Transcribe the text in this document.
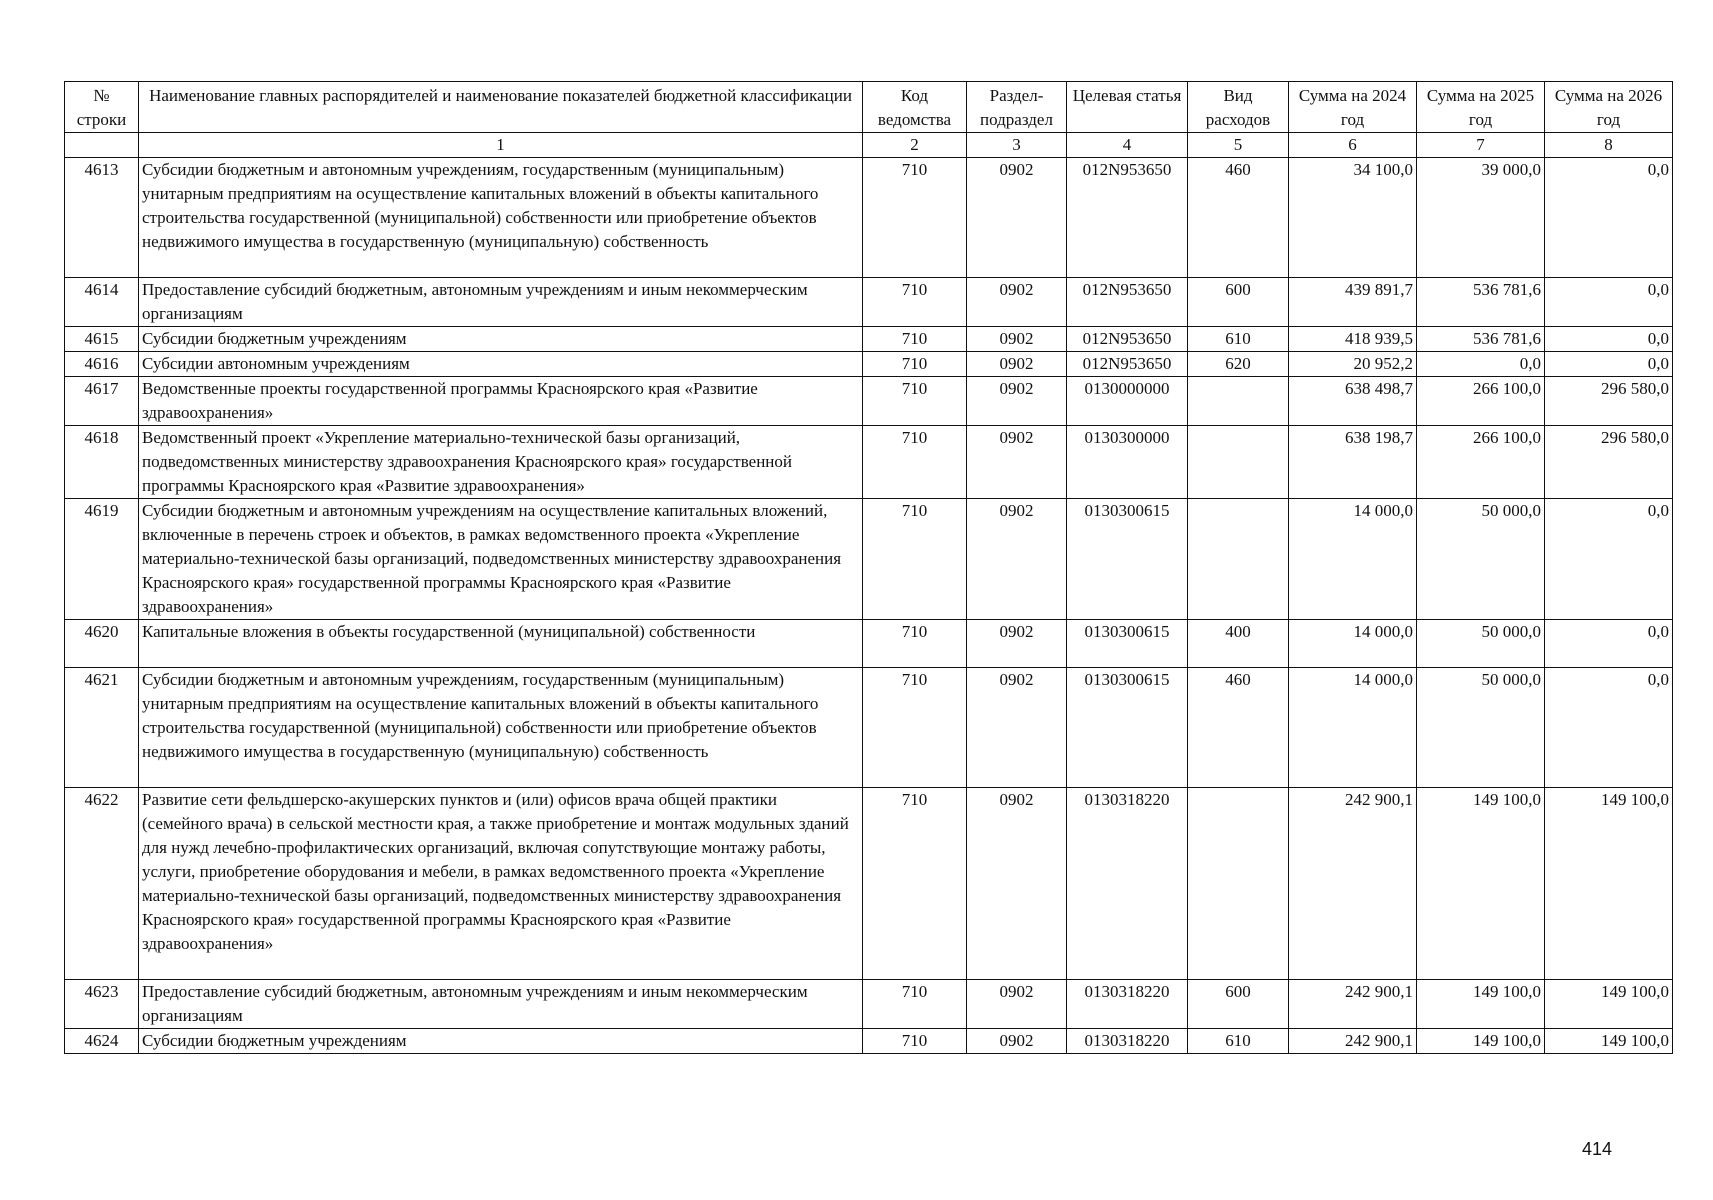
№ строки	Наименование главных распорядителей и наименование показателей бюджетной классификации	Код ведомства	Раздел-подраздел	Целевая статья	Вид расходов	Сумма на 2024 год	Сумма на 2025 год	Сумма на 2026 год
	1	2	3	4	5	6	7	8
4613	Субсидии бюджетным и автономным учреждениям, государственным (муниципальным) унитарным предприятиям на осуществление капитальных вложений в объекты капитального строительства государственной (муниципальной) собственности или приобретение объектов недвижимого имущества в государственную (муниципальную) собственность	710	0902	012N953650	460	34 100,0	39 000,0	0,0
4614	Предоставление субсидий бюджетным, автономным учреждениям и иным некоммерческим организациям	710	0902	012N953650	600	439 891,7	536 781,6	0,0
4615	Субсидии бюджетным учреждениям	710	0902	012N953650	610	418 939,5	536 781,6	0,0
4616	Субсидии автономным учреждениям	710	0902	012N953650	620	20 952,2	0,0	0,0
4617	Ведомственные проекты государственной программы Красноярского края «Развитие здравоохранения»	710	0902	0130000000		638 498,7	266 100,0	296 580,0
4618	Ведомственный проект «Укрепление материально-технической базы организаций, подведомственных министерству здравоохранения Красноярского края» государственной программы Красноярского края «Развитие здравоохранения»	710	0902	0130300000		638 198,7	266 100,0	296 580,0
4619	Субсидии бюджетным и автономным учреждениям на осуществление капитальных вложений, включенные в перечень строек и объектов, в рамках ведомственного проекта «Укрепление материально-технической базы организаций, подведомственных министерству здравоохранения Красноярского края» государственной программы Красноярского края «Развитие здравоохранения»	710	0902	0130300615		14 000,0	50 000,0	0,0
4620	Капитальные вложения в объекты государственной (муниципальной) собственности	710	0902	0130300615	400	14 000,0	50 000,0	0,0
4621	Субсидии бюджетным и автономным учреждениям, государственным (муниципальным) унитарным предприятиям на осуществление капитальных вложений в объекты капитального строительства государственной (муниципальной) собственности или приобретение объектов недвижимого имущества в государственную (муниципальную) собственность	710	0902	0130300615	460	14 000,0	50 000,0	0,0
4622	Развитие сети фельдшерско-акушерских пунктов и (или) офисов врача общей практики (семейного врача) в сельской местности края, а также приобретение и монтаж модульных зданий для нужд лечебно-профилактических организаций, включая сопутствующие монтажу работы, услуги, приобретение оборудования и мебели, в рамках ведомственного проекта «Укрепление материально-технической базы организаций, подведомственных министерству здравоохранения Красноярского края» государственной программы Красноярского края «Развитие здравоохранения»	710	0902	0130318220		242 900,1	149 100,0	149 100,0
4623	Предоставление субсидий бюджетным, автономным учреждениям и иным некоммерческим организациям	710	0902	0130318220	600	242 900,1	149 100,0	149 100,0
4624	Субсидии бюджетным учреждениям	710	0902	0130318220	610	242 900,1	149 100,0	149 100,0
414
